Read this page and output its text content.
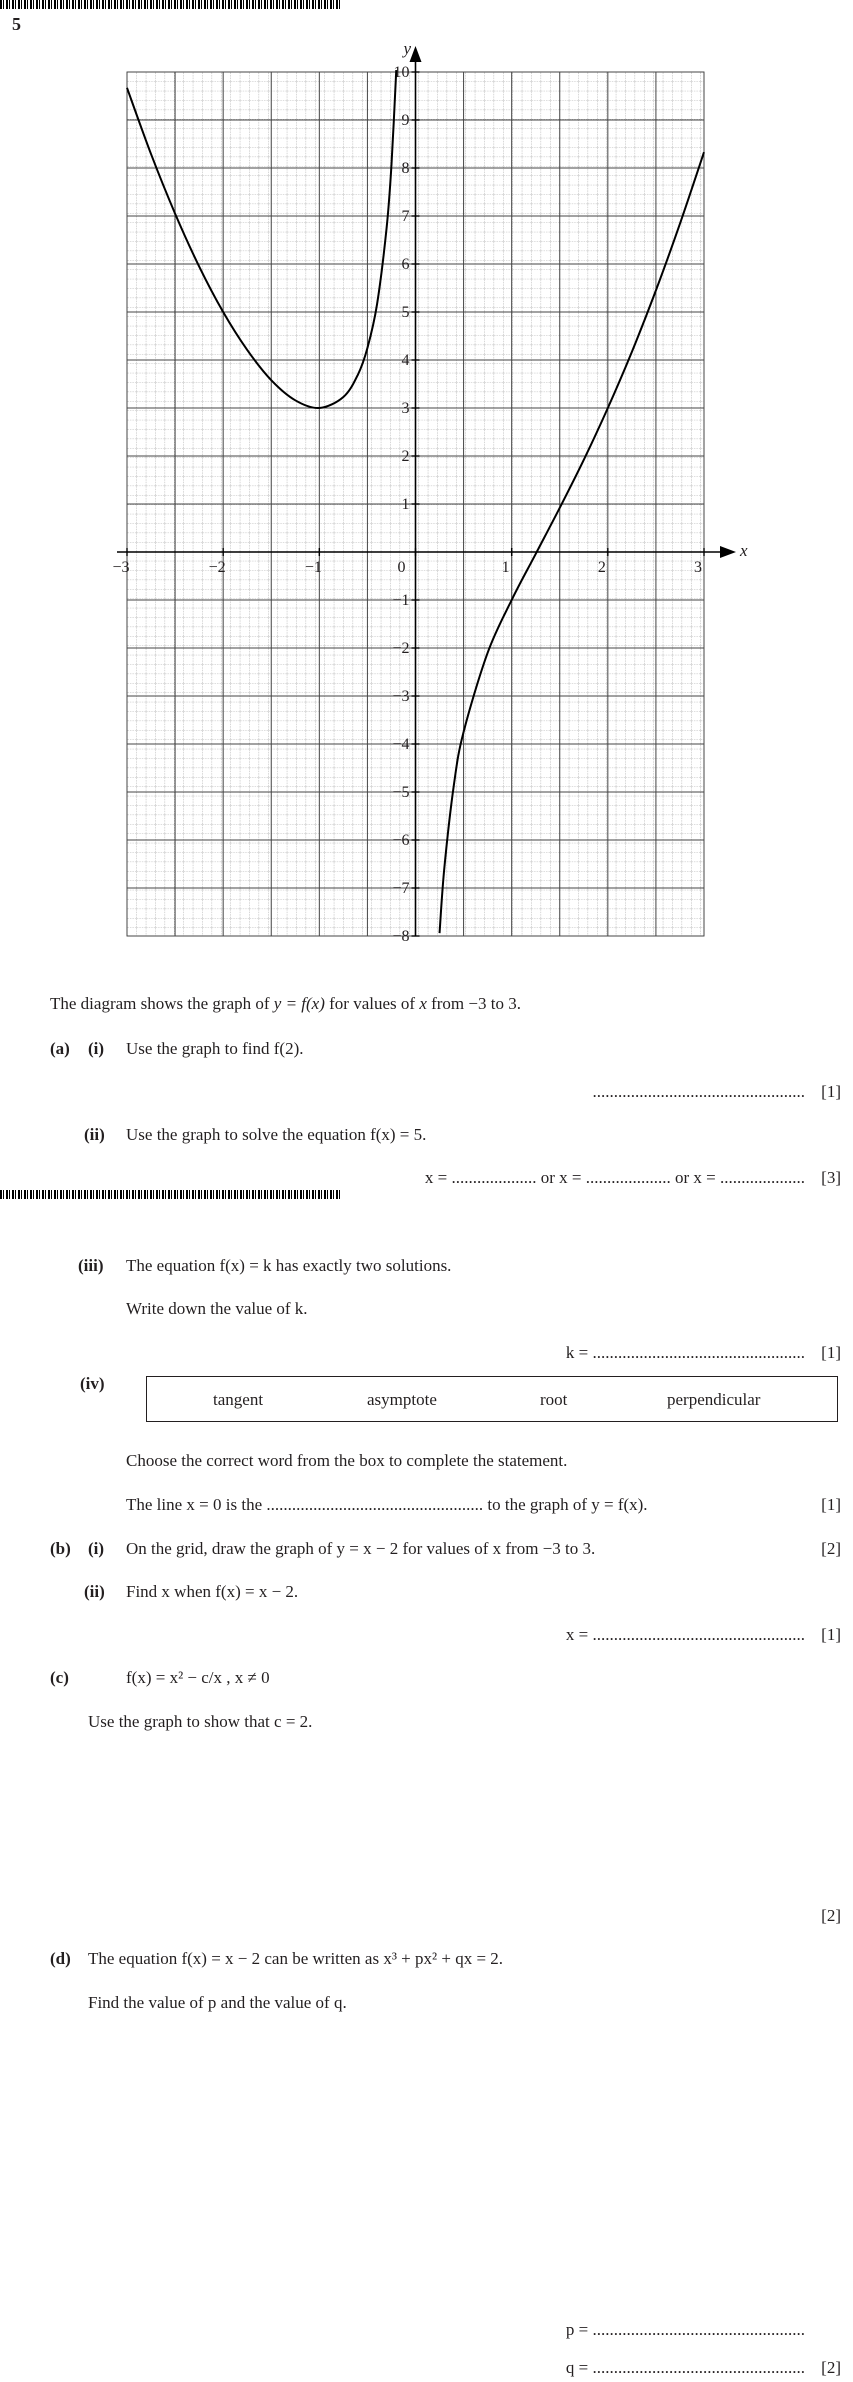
5
x
y
−3	−2	−1	0	1	2	3
−8
−7
−6
−5
−4
−3
−2
−1
1
2
3
4
5
6
7
8
9
10
The diagram shows the graph of y = f(x) for values of x from −3 to 3.
(a) (i) Use the graph to find f(2).
.................................................. [1]
(ii) Use the graph to solve the equation f(x) = 5.
x = .................... or x = .................... or x = .................... [3]
(iii) The equation f(x) = k has exactly two solutions.
Write down the value of k.
k = .................................................. [1]
(iv)
tangent	asymptote	root	perpendicular
Choose the correct word from the box to complete the statement.
The line x = 0 is the ................................................... to the graph of y = f(x).	[1]
(b) (i) On the grid, draw the graph of y = x − 2 for values of x from −3 to 3.	[2]
(ii) Find x when f(x) = x − 2.
x = .................................................. [1]
(c)	f(x) = x² − c/x , x ≠ 0
Use the graph to show that c = 2.
[2]
(d) The equation f(x) = x − 2 can be written as x³ + px² + qx = 2.
Find the value of p and the value of q.
p = ..................................................
q = .................................................. [2]
